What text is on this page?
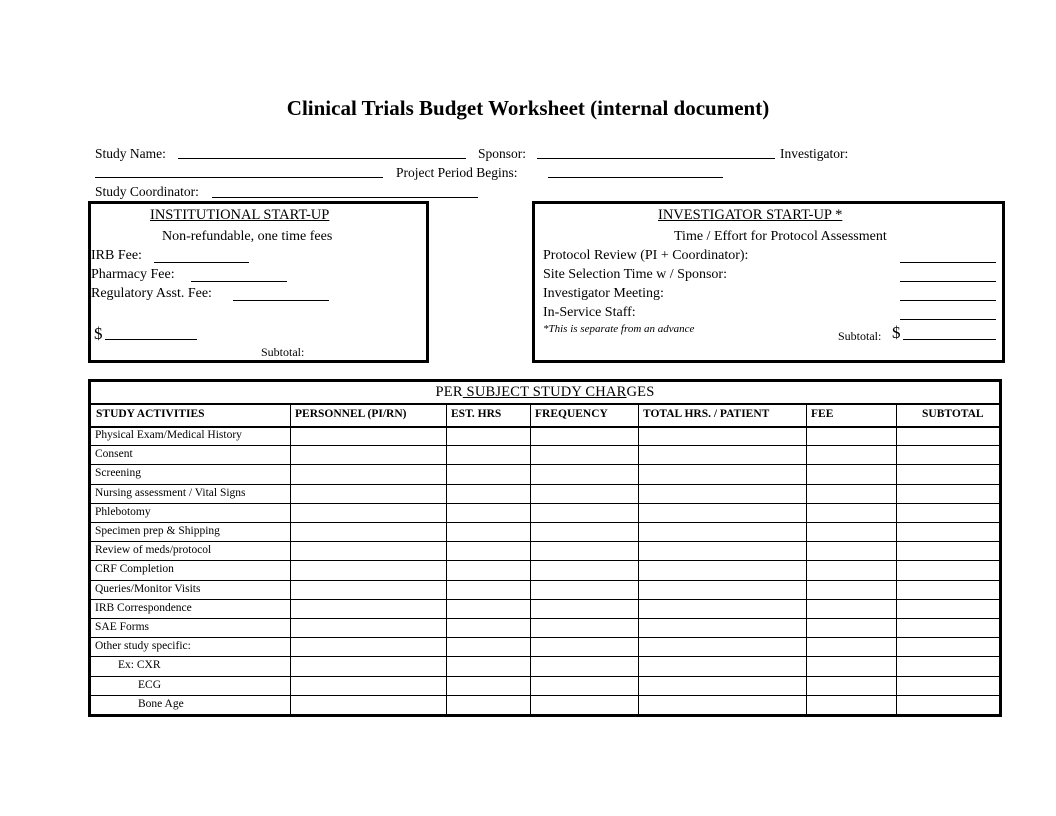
Clinical Trials Budget Worksheet (internal document)
Study Name:	Sponsor:	Investigator:
Project Period Begins:
Study Coordinator:
INSTITUTIONAL START-UP
Non-refundable, one time fees
IRB Fee:
Pharmacy Fee:
Regulatory Asst. Fee:
$
Subtotal:
INVESTIGATOR START-UP *
Time / Effort for Protocol Assessment
Protocol Review (PI + Coordinator):
Site Selection Time w / Sponsor:
Investigator Meeting:
In-Service Staff:
*This is separate from an advance	Subtotal: $
PER SUBJECT STUDY CHARGES
STUDY ACTIVITIES	PERSONNEL (PI/RN)	EST. HRS	FREQUENCY	TOTAL HRS. / PATIENT	FEE	SUBTOTAL
Physical Exam/Medical History
Consent
Screening
Nursing assessment / Vital Signs
Phlebotomy
Specimen prep & Shipping
Review of meds/protocol
CRF Completion
Queries/Monitor Visits
IRB Correspondence
SAE Forms
Other study specific:
Ex: CXR
ECG
Bone Age
